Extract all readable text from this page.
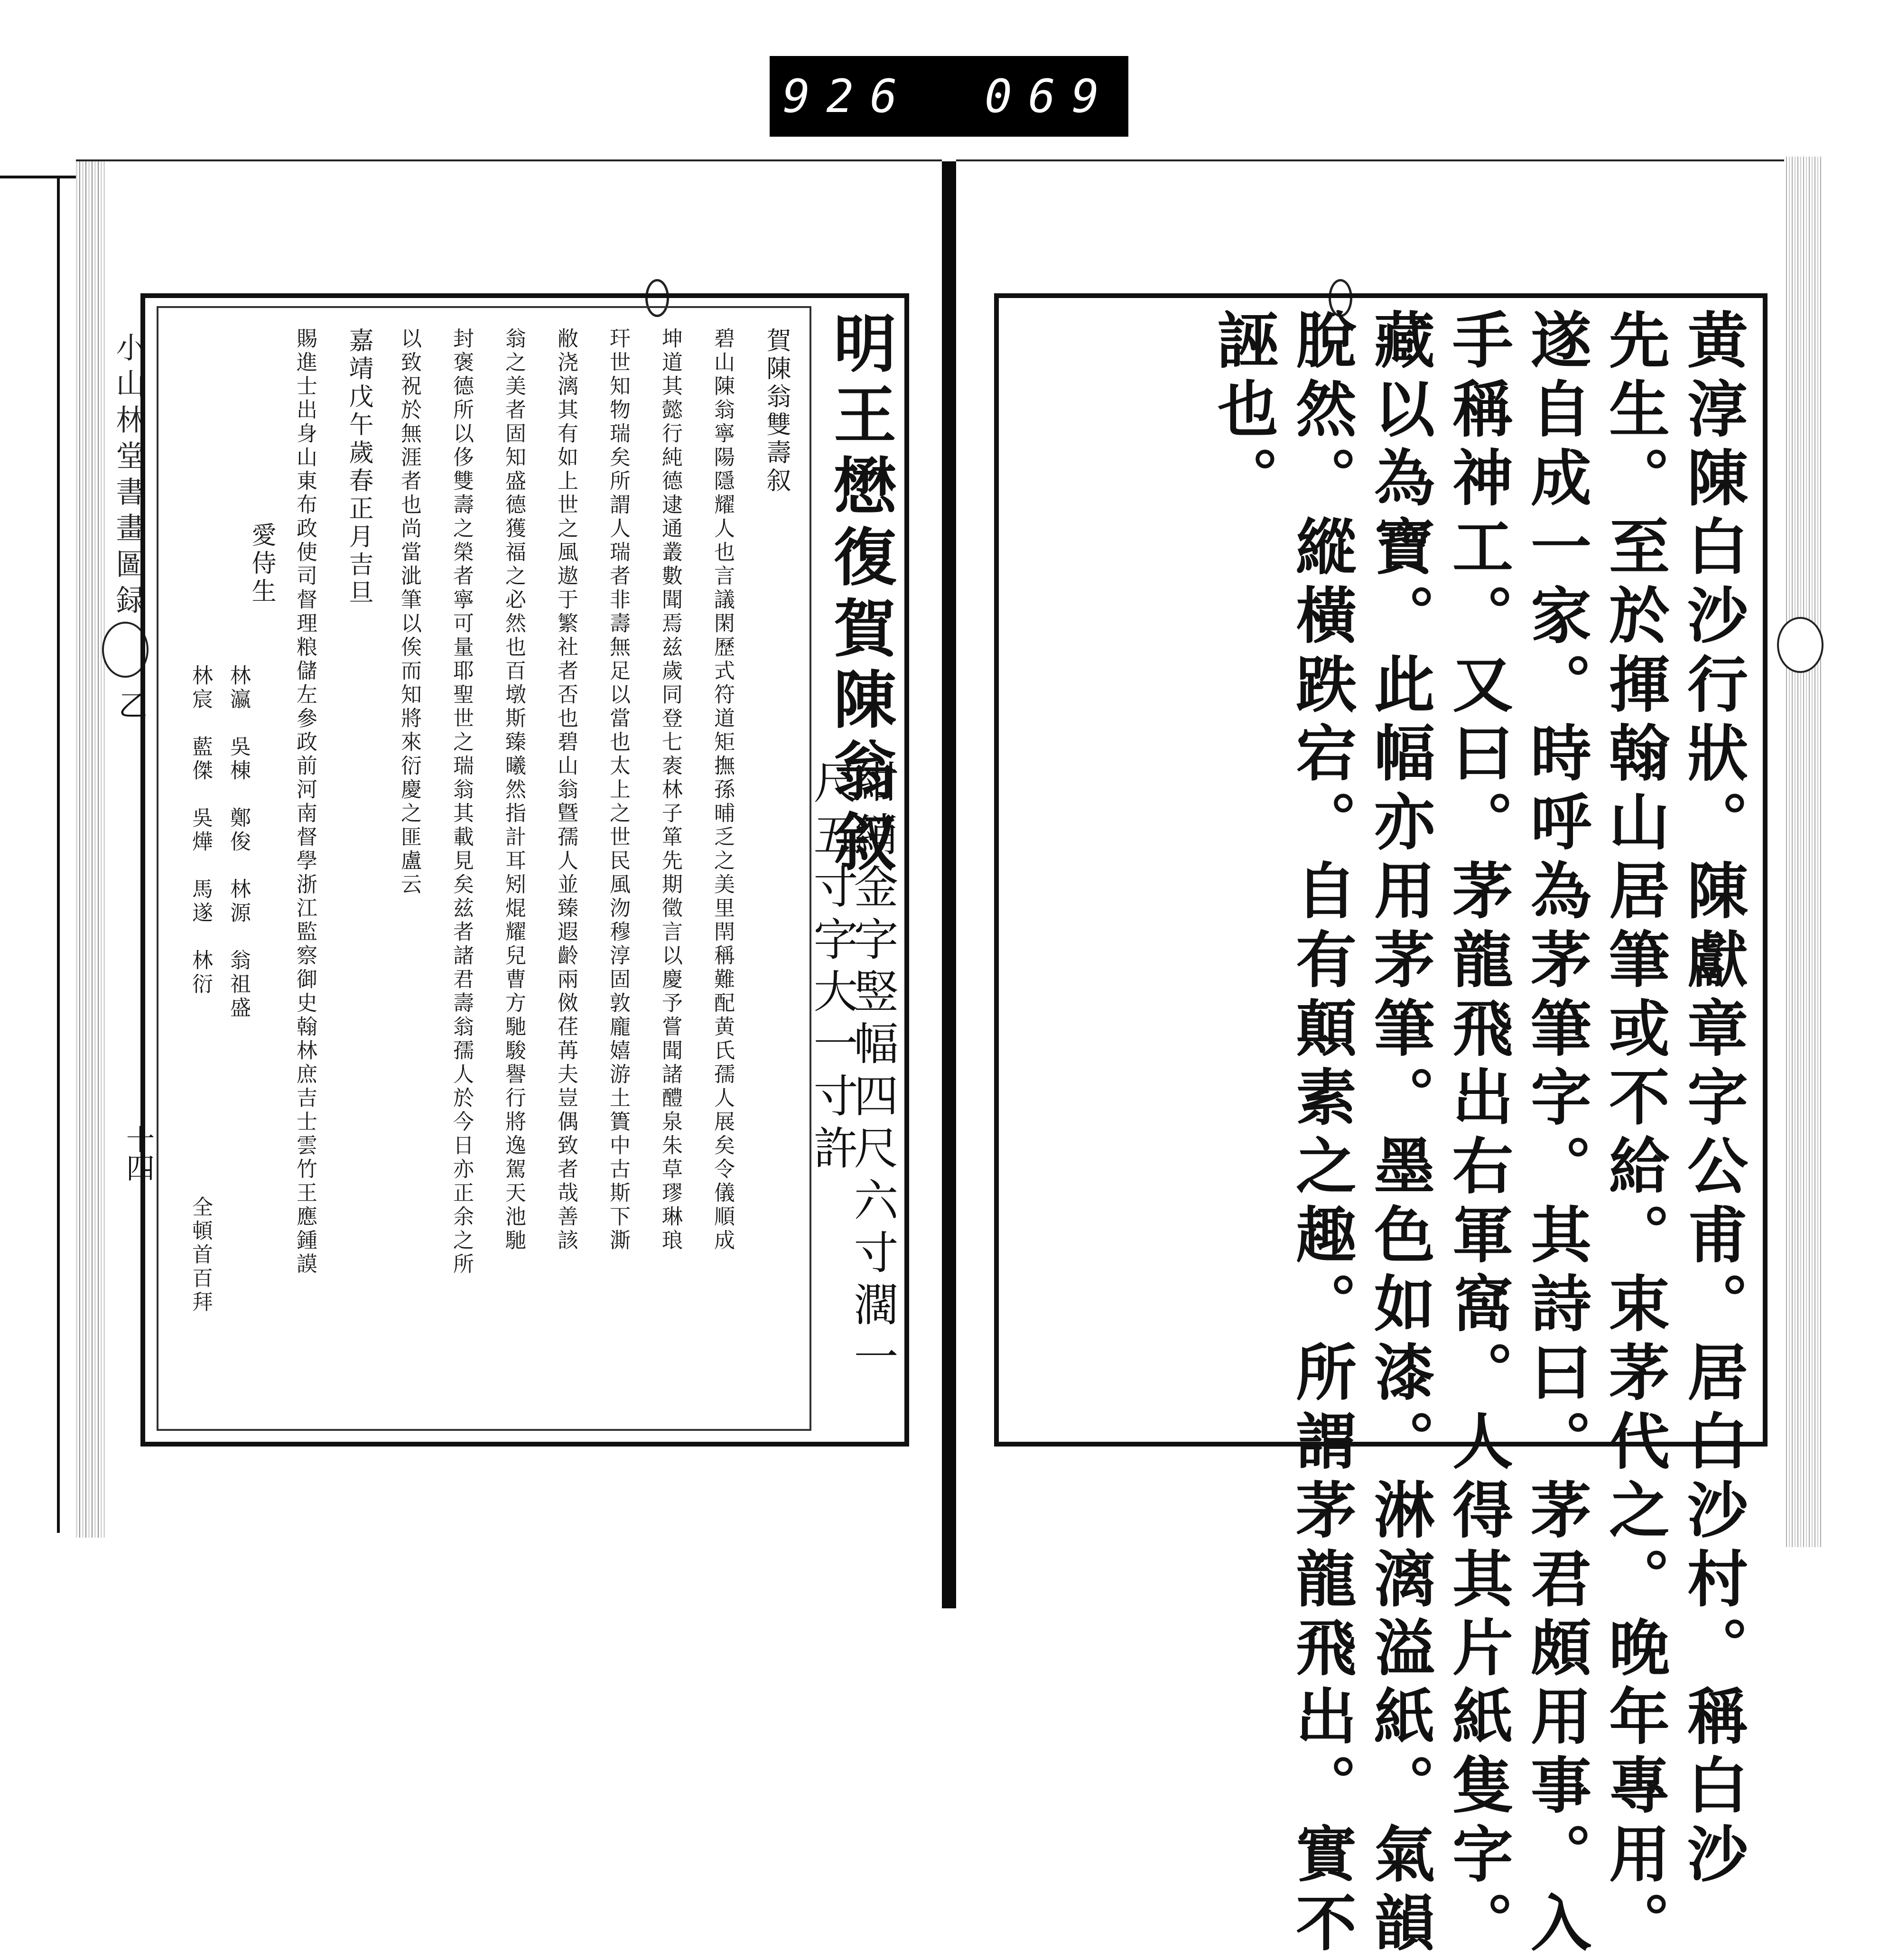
926 069
小山林堂書畫圖録
乙
十四	黄淳陳白沙行狀。陳獻章字公甫。居白沙村。稱白沙
先生。至於揮翰山居筆或不給。束茅代之。晚年專用。
遂自成一家。時呼為茅筆字。其詩曰。茅君頗用事。入
手稱神工。又曰。茅龍飛出右軍窩。人得其片紙隻字。
藏以為寶。此幅亦用茅筆。墨色如漆。淋漓溢紙。氣韻
脫然。縱橫跌宕。自有顛素之趣。所謂茅龍飛出。實不
誣也。
明王懋復賀陳翁叙
紺綃金字竪幅四尺六寸濶一
尺五寸字大一寸許
賀陳翁雙壽叙
碧山陳翁寧陽隱耀人也言議閑歷式符道矩撫孫晡乏之美里閈稱難配黄氏孺人展矣令儀順成
坤道其懿行純德逮通叢數聞焉兹歲同登七袠林子箪先期徵言以慶予嘗聞諸醴泉朱草璆琳琅
玕世知物瑞矣所謂人瑞者非壽無足以當也太上之世民風沕穆淳固敦龐嬉游土簣中古斯下澌
敝浇漓其有如上世之風遨于繁社者否也碧山翁曁孺人並臻遐齡兩傚荏苒夫豈偶致者哉善該
翁之美者固知盛德獲福之必然也百墩斯臻曦然指計耳矧焜耀兒曹方馳駿譽行將逸駕天池馳
封褒德所以侈雙壽之榮者寧可量耶聖世之瑞翁其載見矣兹者諸君壽翁孺人於今日亦正余之所
以致祝於無涯者也尚當泚筆以俟而知將來衍慶之匪盧云
嘉靖戊午歲春正月吉旦
賜進士出身山東布政使司督理粮儲左參政前河南督學浙江監察御史翰林庶吉士雲竹王應鍾謨
愛侍生
林瀛　吳棟　鄭俊　林源　翁祖盛
林宸　藍傑　吳燁　馬遂　林衍
全頓首百拜
